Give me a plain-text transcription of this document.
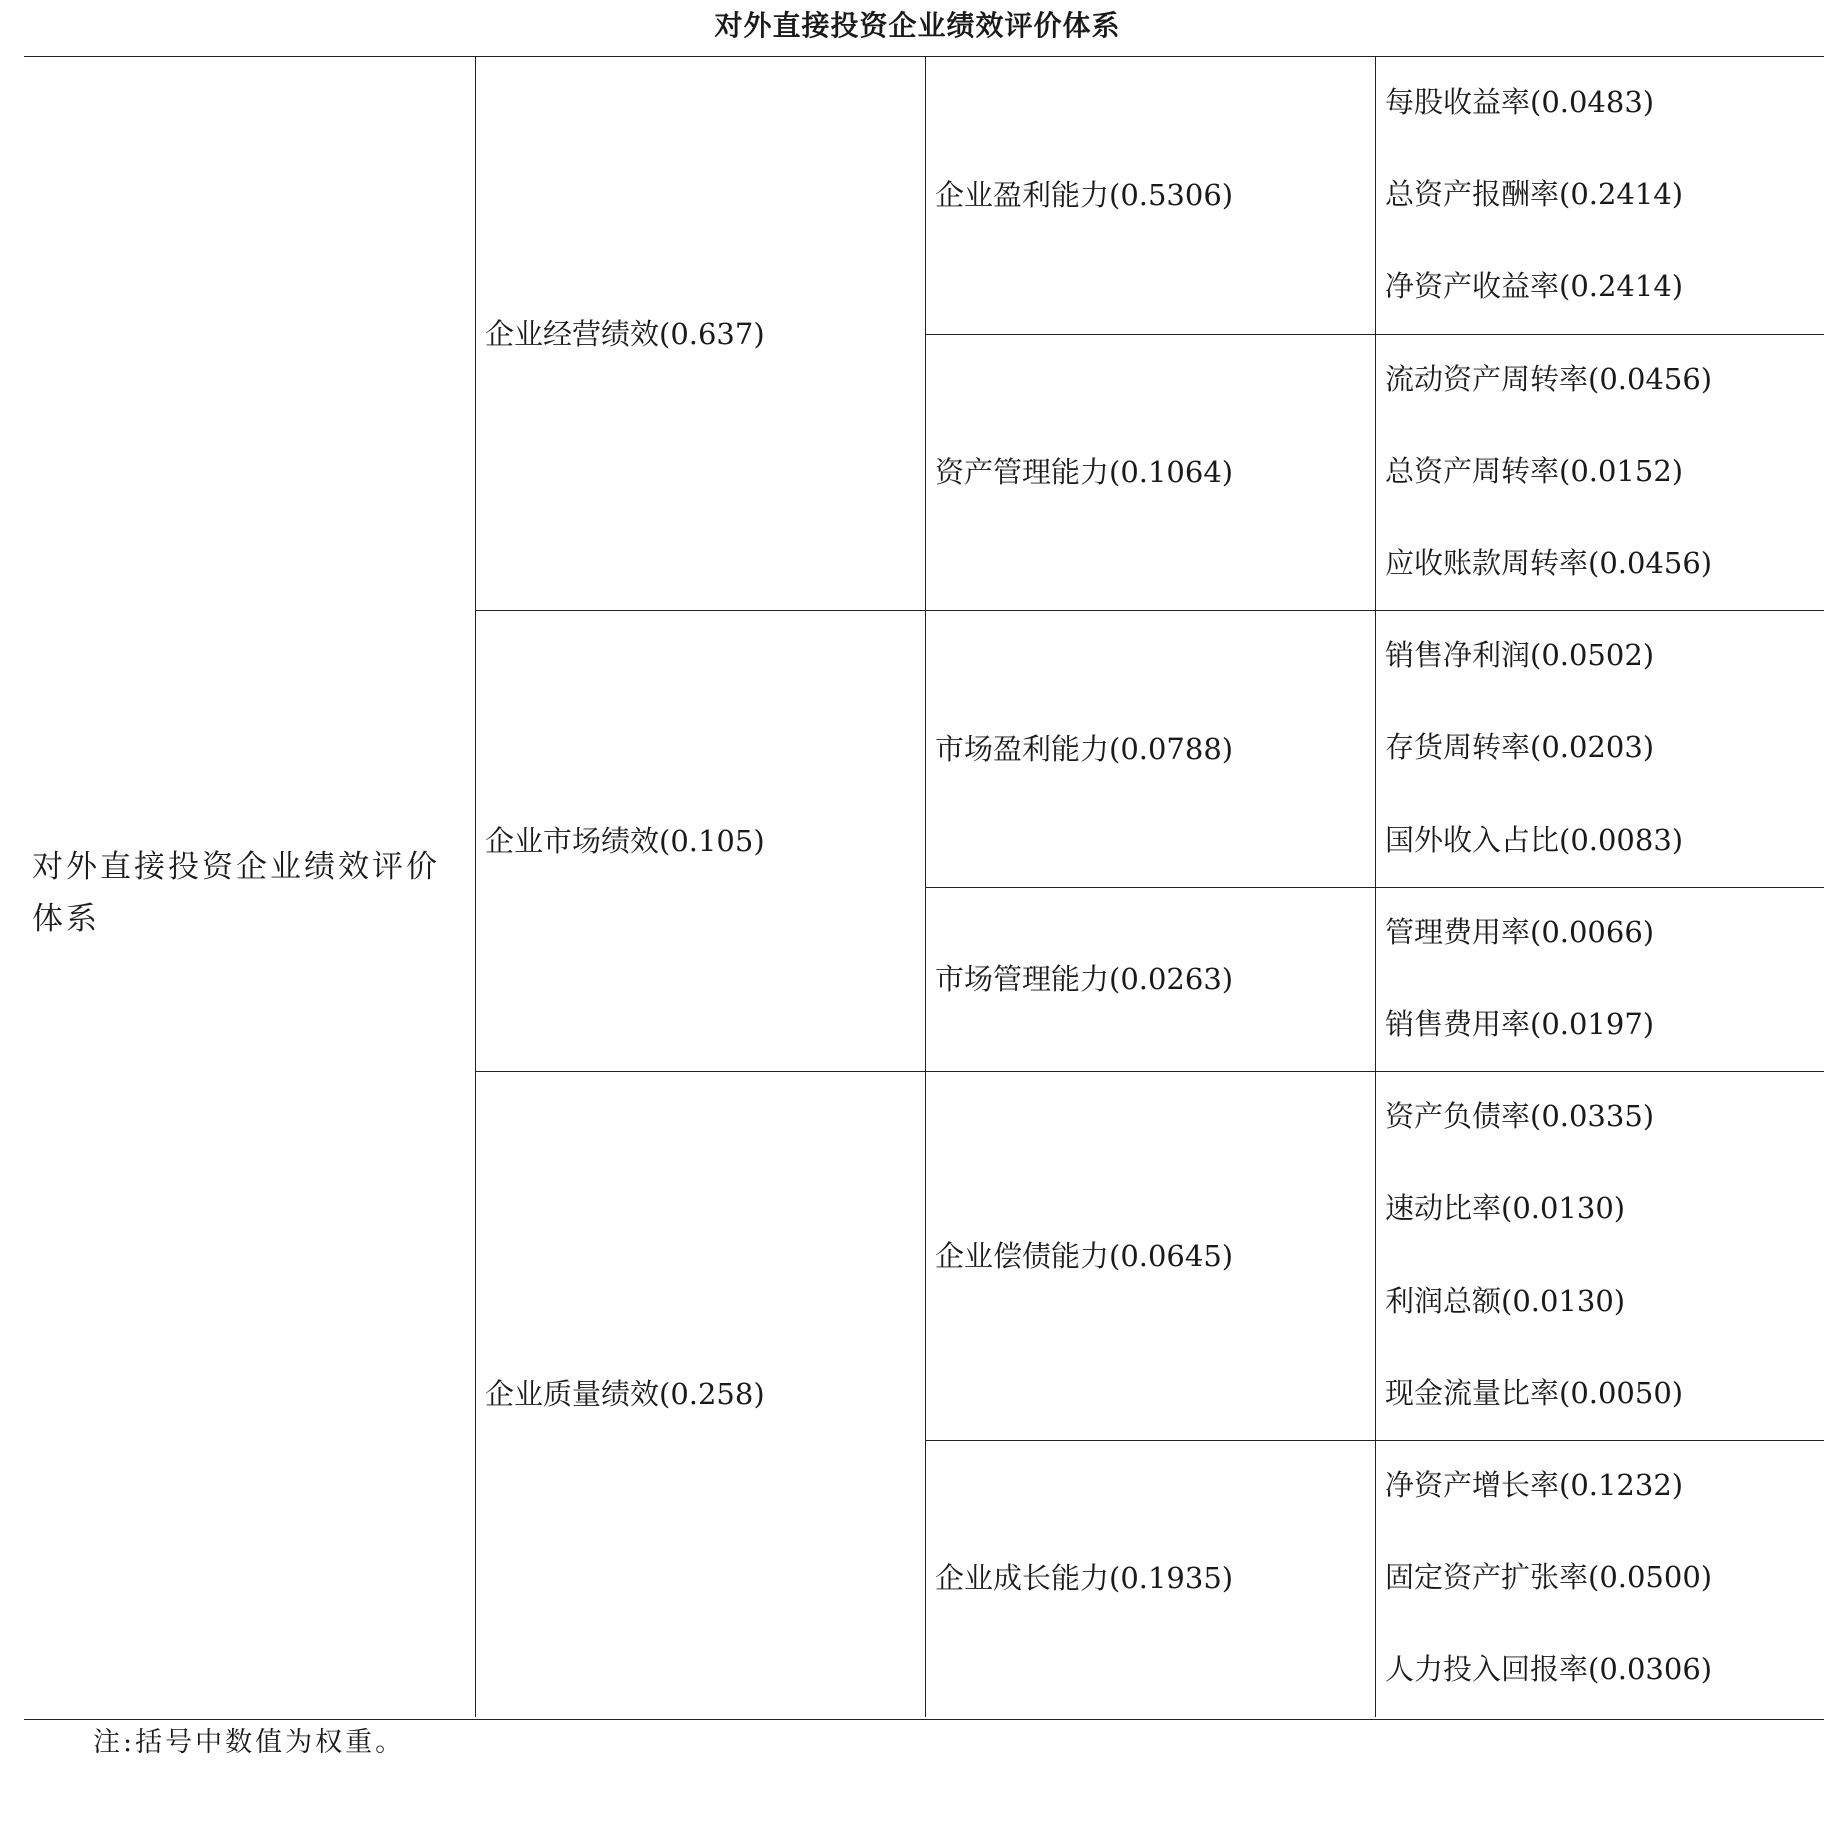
对外直接投资企业绩效评价体系
对外直接投资企业绩效评价体系
企业经营绩效(0.637)
企业盈利能力(0.5306)
每股收益率(0.0483)
总资产报酬率(0.2414)
净资产收益率(0.2414)
资产管理能力(0.1064)
流动资产周转率(0.0456)
总资产周转率(0.0152)
应收账款周转率(0.0456)
企业市场绩效(0.105)
市场盈利能力(0.0788)
销售净利润(0.0502)
存货周转率(0.0203)
国外收入占比(0.0083)
市场管理能力(0.0263)
管理费用率(0.0066)
销售费用率(0.0197)
企业质量绩效(0.258)
企业偿债能力(0.0645)
资产负债率(0.0335)
速动比率(0.0130)
利润总额(0.0130)
现金流量比率(0.0050)
企业成长能力(0.1935)
净资产增长率(0.1232)
固定资产扩张率(0.0500)
人力投入回报率(0.0306)
注:括号中数值为权重。
